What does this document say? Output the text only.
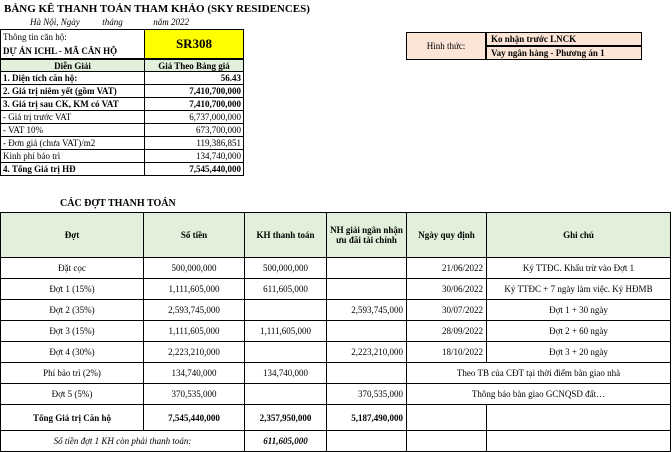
BẢNG KÊ THANH TOÁN THAM KHẢO (SKY RESIDENCES)
Hà Nội, Ngày	tháng	năm 2022
Thông tin căn hộ:	SR308
DỰ ÁN ICHL - MÃ CĂN HỘ
Diễn Giải	Giá Theo Bảng giá
1. Diện tích căn hộ:	56.43
2. Giá trị niêm yết (gồm VAT)	7,410,700,000
3. Giá trị sau CK, KM có VAT	7,410,700,000
- Giá trị trước VAT	6,737,000,000
- VAT 10%	673,700,000
- Đơn giá (chưa VAT)/m2	119,386,851
Kinh phí bảo trì	134,740,000
4. Tổng Giá trị HĐ	7,545,440,000
Hình thức:
Ko nhận trước LNCK
Vay ngân hàng - Phương án 1
CÁC ĐỢT THANH TOÁN
Đợt	Số tiền	KH thanh toán	NH giải ngân nhận ưu đãi tài chính	Ngày quy định	Ghi chú
Đặt cọc	500,000,000	500,000,000		21/06/2022	Ký TTĐC. Khấu trừ vào Đợt 1
Đợt 1 (15%)	1,111,605,000	611,605,000		30/06/2022	Ký TTĐC + 7 ngày làm việc. Ký HĐMB
Đợt 2 (35%)	2,593,745,000		2,593,745,000	30/07/2022	Đợt 1 + 30 ngày
Đợt 3 (15%)	1,111,605,000	1,111,605,000		28/09/2022	Đợt 2 + 60 ngày
Đợt 4 (30%)	2,223,210,000		2,223,210,000	18/10/2022	Đợt 3 + 20 ngày
Phí bảo trì (2%)	134,740,000	134,740,000		Theo TB của CĐT tại thời điểm bàn giao nhà	
Đợt 5 (5%)	370,535,000		370,535,000	Thông báo bàn giao GCNQSD đất…	
Tổng Giá trị Căn hộ	7,545,440,000	2,357,950,000	5,187,490,000		
Số tiền đợt 1 KH còn phải thanh toán:		611,605,000			
